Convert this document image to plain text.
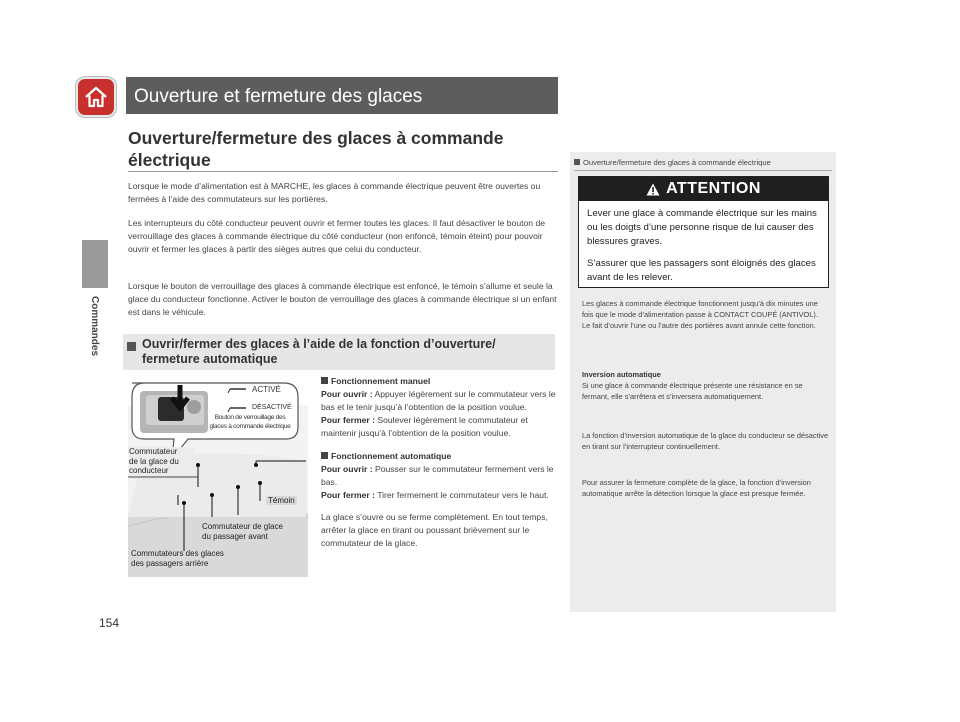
Ouverture et fermeture des glaces
Commandes
Ouverture/fermeture des glaces à commande électrique

Lorsque le mode d’alimentation est à MARCHE, les glaces à commande électrique peuvent être ouvertes ou fermées à l’aide des commutateurs sur les portières.

Les interrupteurs du côté conducteur peuvent ouvrir et fermer toutes les glaces. Il faut désactiver le bouton de verrouillage des glaces à commande électrique du côté conducteur (non enfoncé, témoin éteint) pour pouvoir ouvrir et fermer les glaces à partir des sièges autres que celui du conducteur.

Lorsque le bouton de verrouillage des glaces à commande électrique est enfoncé, le témoin s’allume et seule la glace du conducteur fonctionne. Activer le bouton de verrouillage des glaces à commande électrique si un enfant est dans le véhicule.

Ouvrir/fermer des glaces à l’aide de la fonction d’ouverture/
fermeture automatique
ACTIVÉ
DÉSACTIVÉ
Bouton de verrouillage des
glaces à commande électrique
Commutateur
de la glace du
conducteur
Témoin
Commutateur de glace
du passager avant
Commutateurs des glaces
des passagers arrière
Fonctionnement manuel
Pour ouvrir : Appuyer légèrement sur le commutateur vers le bas et le tenir jusqu’à l’obtention de la position voulue.
Pour fermer : Soulever légèrement le commutateur et maintenir jusqu’à l’obtention de la position voulue.
Fonctionnement automatique
Pour ouvrir : Pousser sur le commutateur fermement vers le bas.
Pour fermer : Tirer fermement le commutateur vers le haut.
La glace s’ouvre ou se ferme complètement. En tout temps, arrêter la glace en tirant ou poussant brièvement sur le commutateur de la glace.
Ouverture/fermeture des glaces à commande électrique
ATTENTION

Lever une glace à commande électrique sur les mains ou les doigts d’une personne risque de lui causer des blessures graves.

S’assurer que les passagers sont éloignés des glaces avant de les relever.

Les glaces à commande électrique fonctionnent jusqu’à dix minutes une fois que le mode d’alimentation passe à CONTACT COUPÉ (ANTIVOL).
Le fait d’ouvrir l’une ou l’autre des portières avant annule cette fonction.
Inversion automatique
Si une glace à commande électrique présente une résistance en se fermant, elle s’arrêtera et s’inversera automatiquement.
La fonction d’inversion automatique de la glace du conducteur se désactive en tirant sur l’interrupteur continuellement.
Pour assurer la fermeture complète de la glace, la fonction d’inversion automatique arrête la détection lorsque la glace est presque fermée.
154
